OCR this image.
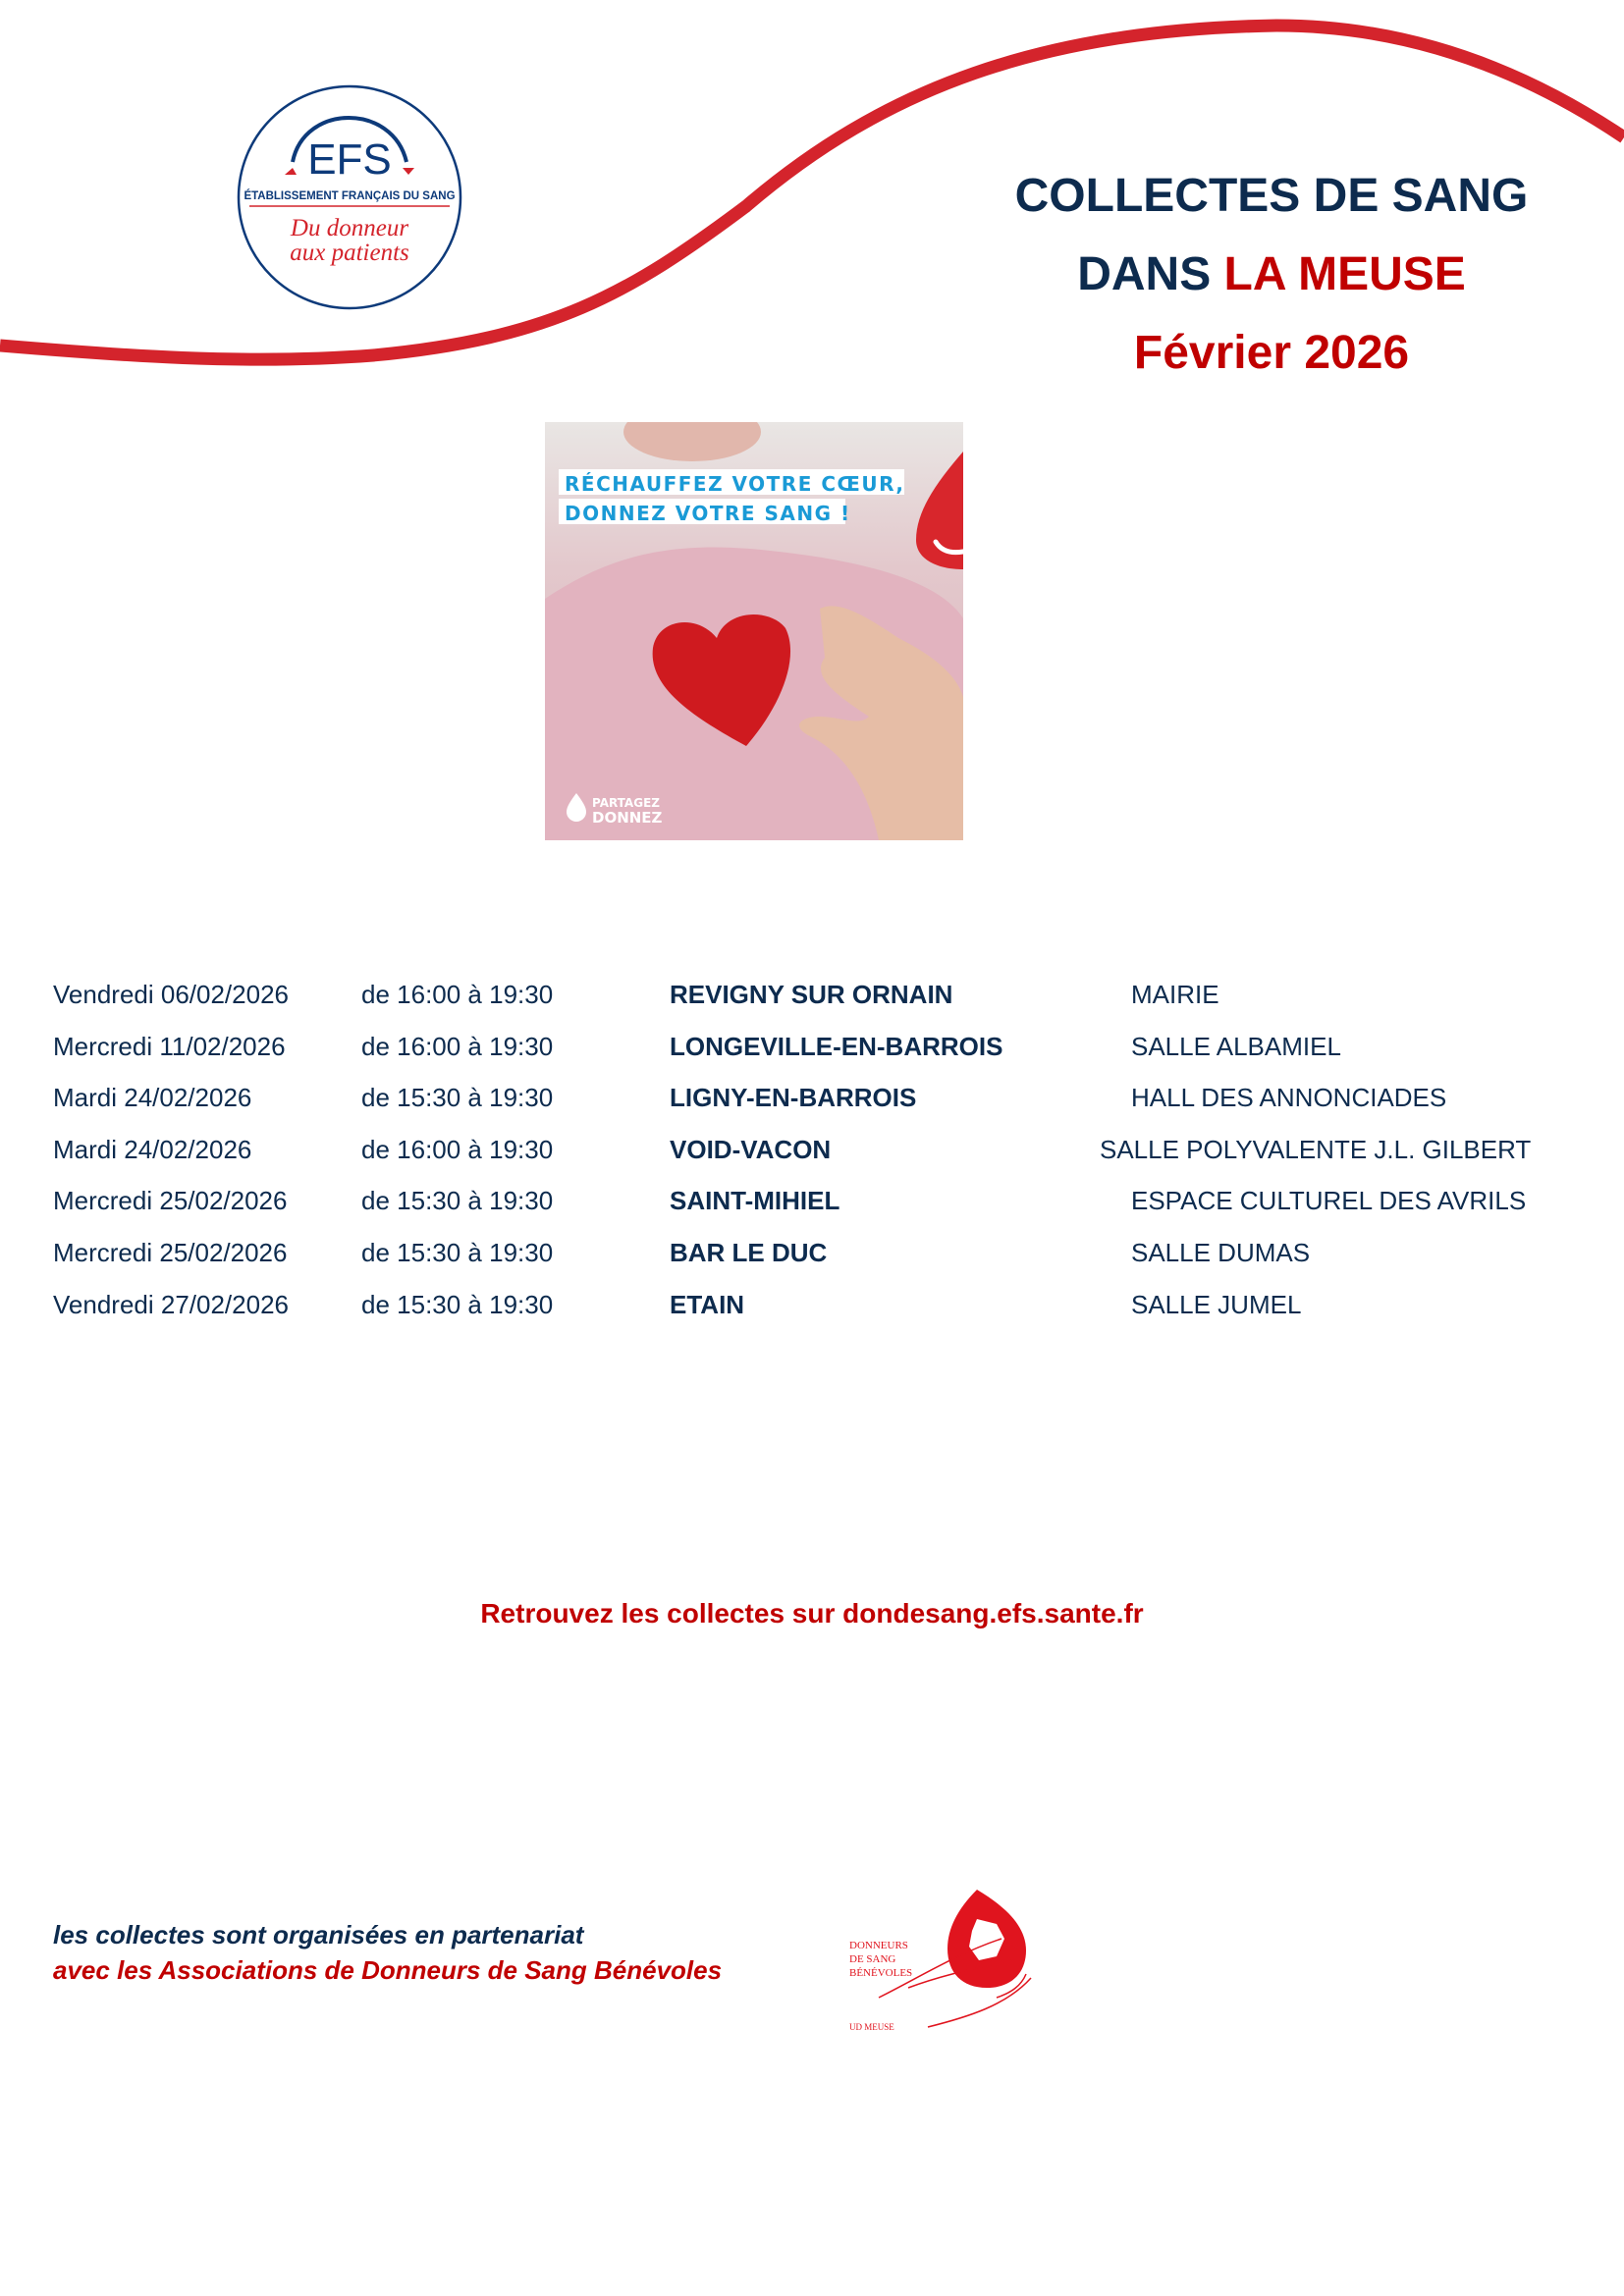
EFS
ÉTABLISSEMENT FRANÇAIS DU SANG
Du donneur
aux patients
COLLECTES DE SANG
DANS LA MEUSE
Février 2026
RÉCHAUFFEZ VOTRE CŒUR,
DONNEZ VOTRE SANG !
PARTAGEZ
DONNEZ
Vendredi 06/02/2026	de 16:00 à 19:30	REVIGNY SUR ORNAIN	MAIRIE
Mercredi 11/02/2026	de 16:00 à 19:30	LONGEVILLE-EN-BARROIS	SALLE ALBAMIEL
Mardi 24/02/2026	de 15:30 à 19:30	LIGNY-EN-BARROIS	HALL DES ANNONCIADES
Mardi 24/02/2026	de 16:00 à 19:30	VOID-VACON	SALLE POLYVALENTE J.L. GILBERT
Mercredi 25/02/2026	de 15:30 à 19:30	SAINT-MIHIEL	ESPACE CULTUREL DES AVRILS
Mercredi 25/02/2026	de 15:30 à 19:30	BAR LE DUC	SALLE DUMAS
Vendredi 27/02/2026	de 15:30 à 19:30	ETAIN	SALLE JUMEL
Retrouvez les collectes sur dondesang.efs.sante.fr
les collectes sont organisées en partenariat
avec les Associations de Donneurs de Sang Bénévoles
DONNEURS
DE SANG
BÉNÉVOLES
UD MEUSE
